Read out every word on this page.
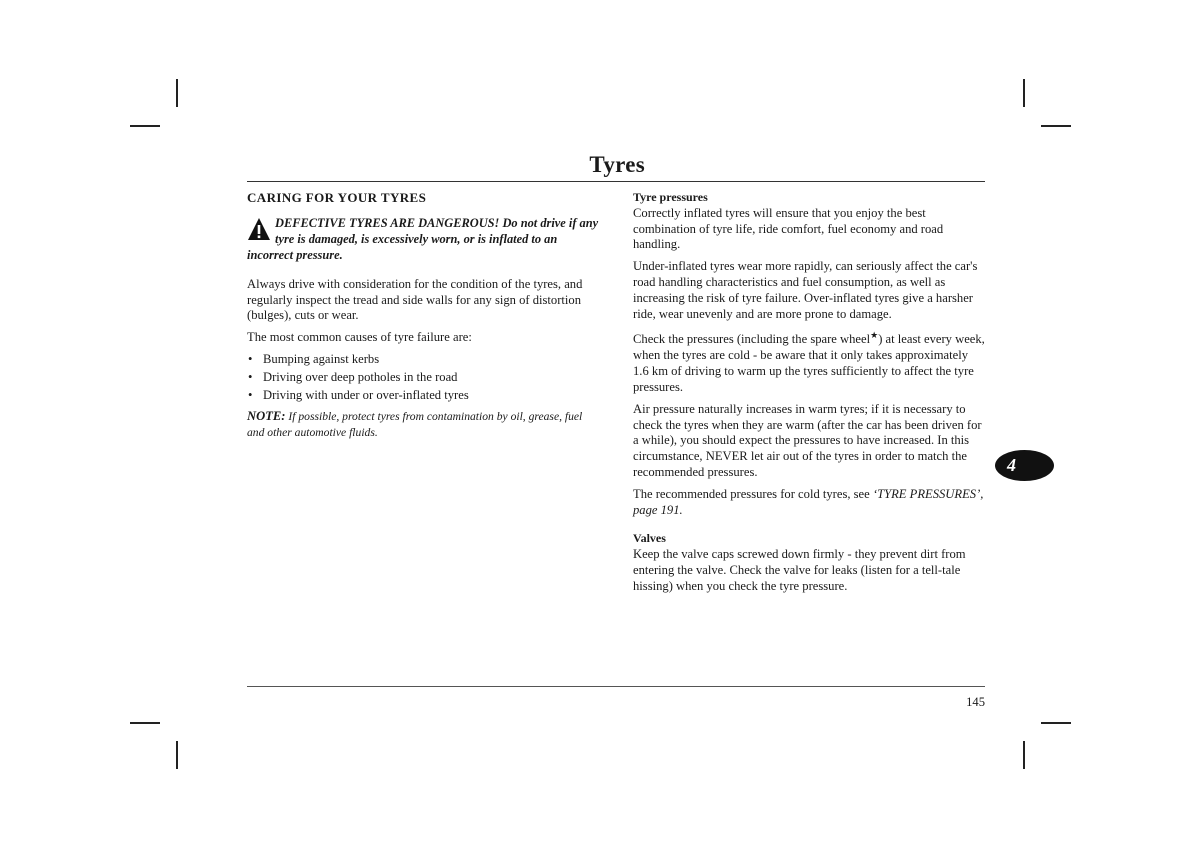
Tyres
CARING FOR YOUR TYRES
DEFECTIVE TYRES ARE DANGEROUS! Do not drive if any tyre is damaged, is excessively worn, or is inflated to an incorrect pressure.

Always drive with consideration for the condition of the tyres, and regularly inspect the tread and side walls for any sign of distortion (bulges), cuts or wear.

The most common causes of tyre failure are:

• Bumping against kerbs
• Driving over deep potholes in the road
• Driving with under or over-inflated tyres

NOTE: If possible, protect tyres from contamination by oil, grease, fuel and other automotive fluids.

Tyre pressures

Correctly inflated tyres will ensure that you enjoy the best combination of tyre life, ride comfort, fuel economy and road handling.

Under-inflated tyres wear more rapidly, can seriously affect the car's road handling characteristics and fuel consumption, as well as increasing the risk of tyre failure. Over-inflated tyres give a harsher ride, wear unevenly and are more prone to damage.

Check the pressures (including the spare wheel★) at least every week, when the tyres are cold - be aware that it only takes approximately 1.6 km of driving to warm up the tyres sufficiently to affect the tyre pressures.

Air pressure naturally increases in warm tyres; if it is necessary to check the tyres when they are warm (after the car has been driven for a while), you should expect the pressures to have increased. In this circumstance, NEVER let air out of the tyres in order to match the recommended pressures.

The recommended pressures for cold tyres, see ‘TYRE PRESSURES’, page 191.

Valves

Keep the valve caps screwed down firmly - they prevent dirt from entering the valve. Check the valve for leaks (listen for a tell-tale hissing) when you check the tyre pressure.

4
145
